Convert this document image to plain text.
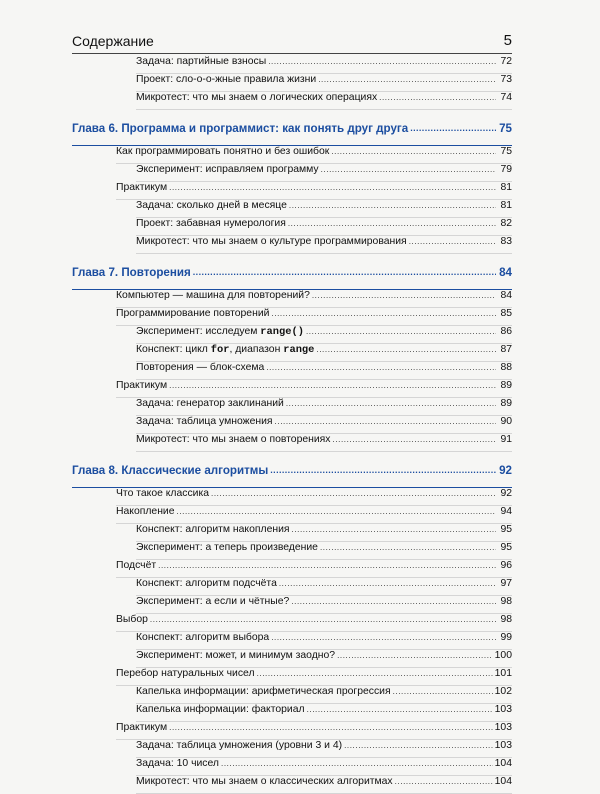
Содержание	5
Задача: партийные взносы .....	72
Проект: сло-о-о-жные правила жизни .....	73
Микротест: что мы знаем о логических операциях .....	74
Глава 6. Программа и программист: как понять друг друга .....	75
Как программировать понятно и без ошибок .....	75
Эксперимент: исправляем программу .....	79
Практикум .....	81
Задача: сколько дней в месяце .....	81
Проект: забавная нумерология .....	82
Микротест: что мы знаем о культуре программирования .....	83
Глава 7. Повторения .....	84
Компьютер — машина для повторений? .....	84
Программирование повторений .....	85
Эксперимент: исследуем range() .....	86
Конспект: цикл for, диапазон range .....	87
Повторения — блок-схема .....	88
Практикум .....	89
Задача: генератор заклинаний .....	89
Задача: таблица умножения .....	90
Микротест: что мы знаем о повторениях .....	91
Глава 8. Классические алгоритмы .....	92
Что такое классика .....	92
Накопление .....	94
Конспект: алгоритм накопления .....	95
Эксперимент: а теперь произведение .....	95
Подсчёт .....	96
Конспект: алгоритм подсчёта .....	97
Эксперимент: а если и чётные? .....	98
Выбор .....	98
Конспект: алгоритм выбора .....	99
Эксперимент: может, и минимум заодно? .....	100
Перебор натуральных чисел .....	101
Капелька информации: арифметическая прогрессия .....	102
Капелька информации: факториал .....	103
Практикум .....	103
Задача: таблица умножения (уровни 3 и 4) .....	103
Задача: 10 чисел .....	104
Микротест: что мы знаем о классических алгоритмах .....	104
